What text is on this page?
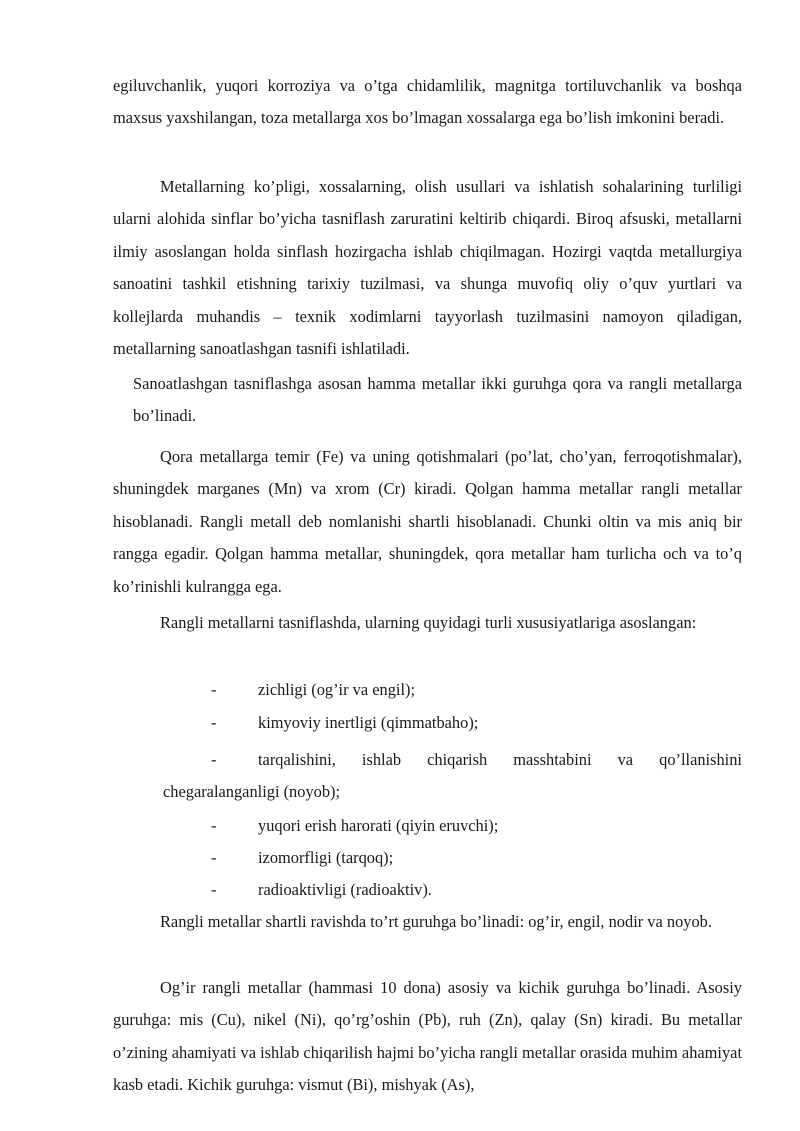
egiluvchanlik, yuqori korroziya va o’tga chidamlilik, magnitga tortiluvchanlik va boshqa maxsus yaxshilangan, toza metallarga xos bo’lmagan xossalarga ega bo’lish imkonini beradi.

Metallarning ko’pligi, xossalarning, olish usullari va ishlatish sohalarining turliligi ularni alohida sinflar bo’yicha tasniflash zaruratini keltirib chiqardi. Biroq afsuski, metallarni ilmiy asoslangan holda sinflash hozirgacha ishlab chiqilmagan. Hozirgi vaqtda metallurgiya sanoatini tashkil etishning tarixiy tuzilmasi, va shunga muvofiq oliy o’quv yurtlari va kollejlarda muhandis – texnik xodimlarni tayyorlash tuzilmasini namoyon qiladigan, metallarning sanoatlashgan tasnifi ishlatiladi.

Sanoatlashgan tasniflashga asosan hamma metallar ikki guruhga qora va rangli metallarga bo’linadi.

Qora metallarga temir (Fe) va uning qotishmalari (po’lat, cho’yan, ferroqotishmalar), shuningdek marganes (Mn) va xrom (Cr) kiradi. Qolgan hamma metallar rangli metallar hisoblanadi. Rangli metall deb nomlanishi shartli hisoblanadi. Chunki oltin va mis aniq bir rangga egadir. Qolgan hamma metallar, shuningdek, qora metallar ham turlicha och va to’q ko’rinishli kulrangga ega.

Rangli metallarni tasniflashda, ularning quyidagi turli xususiyatlariga asoslangan:

-	zichligi (og’ir va engil);
-	kimyoviy inertligi (qimmatbaho);
-	tarqalishini, ishlab chiqarish masshtabini va qo’llanishini
chegaralanganligi (noyob);
-	yuqori erish harorati (qiyin eruvchi);
-	izomorfligi (tarqoq);
-	radioaktivligi (radioaktiv).

Rangli metallar shartli ravishda to’rt guruhga bo’linadi: og’ir, engil, nodir va noyob.

Og’ir rangli metallar (hammasi 10 dona) asosiy va kichik guruhga bo’linadi. Asosiy guruhga: mis (Cu), nikel (Ni), qo’rg’oshin (Pb), ruh (Zn), qalay (Sn) kiradi. Bu metallar o’zining ahamiyati va ishlab chiqarilish hajmi bo’yicha rangli metallar orasida muhim ahamiyat kasb etadi. Kichik guruhga: vismut (Bi), mishyak (As),
